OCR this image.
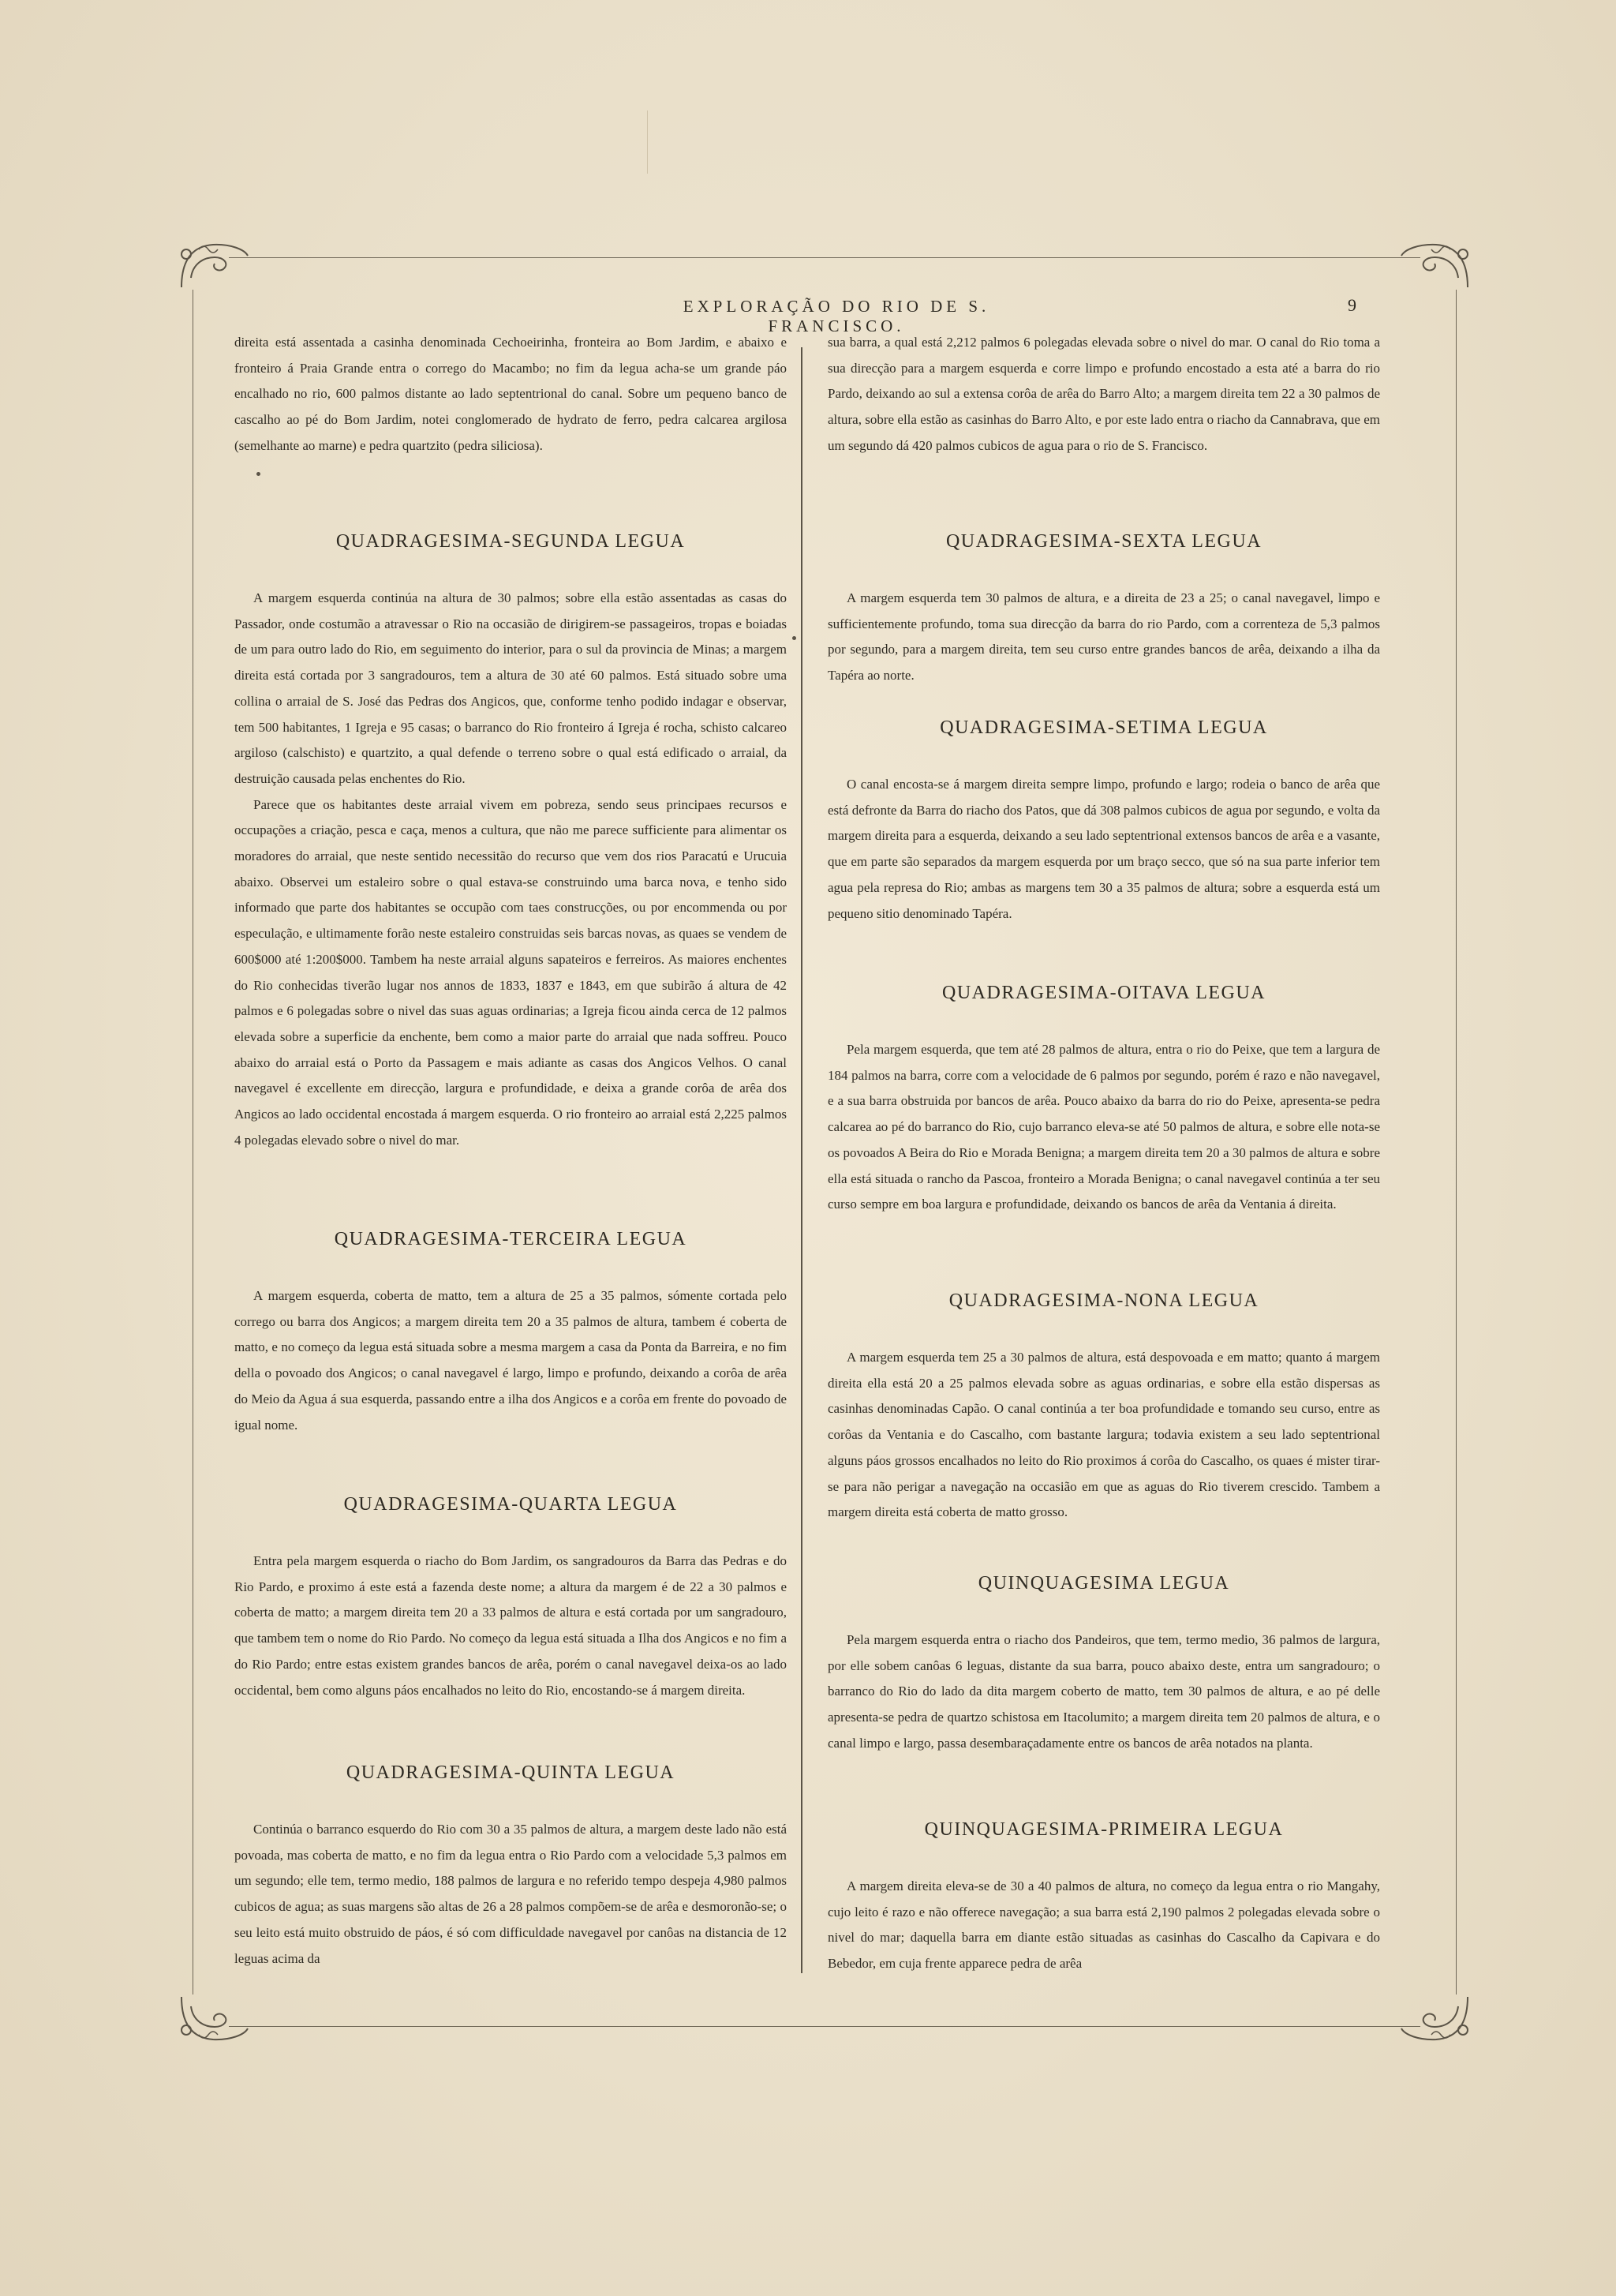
EXPLORAÇÃO DO RIO DE S. FRANCISCO.
9

direita está assentada a casinha denominada Cechoeirinha, fronteira ao Bom Jardim, e abaixo e fronteiro á Praia Grande entra o corrego do Macambo; no fim da legua acha-se um grande páo encalhado no rio, 600 palmos distante ao lado septentrional do canal. Sobre um pequeno banco de cascalho ao pé do Bom Jardim, notei conglomerado de hydrato de ferro, pedra calcarea argilosa (semelhante ao marne) e pedra quartzito (pedra siliciosa).

QUADRAGESIMA-SEGUNDA LEGUA

A margem esquerda continúa na altura de 30 palmos; sobre ella estão assentadas as casas do Passador, onde costumão a atravessar o Rio na occasião de dirigirem-se passageiros, tropas e boiadas de um para outro lado do Rio, em seguimento do interior, para o sul da provincia de Minas; a margem direita está cortada por 3 sangradouros, tem a altura de 30 até 60 palmos. Está situado sobre uma collina o arraial de S. José das Pedras dos Angicos, que, conforme tenho podido indagar e observar, tem 500 habitantes, 1 Igreja e 95 casas; o barranco do Rio fronteiro á Igreja é rocha, schisto calcareo argiloso (calschisto) e quartzito, a qual defende o terreno sobre o qual está edificado o arraial, da destruição causada pelas enchentes do Rio.

Parece que os habitantes deste arraial vivem em pobreza, sendo seus principaes recursos e occupações a criação, pesca e caça, menos a cultura, que não me parece sufficiente para alimentar os moradores do arraial, que neste sentido necessitão do recurso que vem dos rios Paracatú e Urucuia abaixo. Observei um estaleiro sobre o qual estava-se construindo uma barca nova, e tenho sido informado que parte dos habitantes se occupão com taes construcções, ou por encommenda ou por especulação, e ultimamente forão neste estaleiro construidas seis barcas novas, as quaes se vendem de 600$000 até 1:200$000. Tambem ha neste arraial alguns sapateiros e ferreiros. As maiores enchentes do Rio conhecidas tiverão lugar nos annos de 1833, 1837 e 1843, em que subirão á altura de 42 palmos e 6 polegadas sobre o nivel das suas aguas ordinarias; a Igreja ficou ainda cerca de 12 palmos elevada sobre a superficie da enchente, bem como a maior parte do arraial que nada soffreu. Pouco abaixo do arraial está o Porto da Passagem e mais adiante as casas dos Angicos Velhos. O canal navegavel é excellente em direcção, largura e profundidade, e deixa a grande corôa de arêa dos Angicos ao lado occidental encostada á margem esquerda. O rio fronteiro ao arraial está 2,225 palmos 4 polegadas elevado sobre o nivel do mar.

QUADRAGESIMA-TERCEIRA LEGUA

A margem esquerda, coberta de matto, tem a altura de 25 a 35 palmos, sómente cortada pelo corrego ou barra dos Angicos; a margem direita tem 20 a 35 palmos de altura, tambem é coberta de matto, e no começo da legua está situada sobre a mesma margem a casa da Ponta da Barreira, e no fim della o povoado dos Angicos; o canal navegavel é largo, limpo e profundo, deixando a corôa de arêa do Meio da Agua á sua esquerda, passando entre a ilha dos Angicos e a corôa em frente do povoado de igual nome.

QUADRAGESIMA-QUARTA LEGUA

Entra pela margem esquerda o riacho do Bom Jardim, os sangradouros da Barra das Pedras e do Rio Pardo, e proximo á este está a fazenda deste nome; a altura da margem é de 22 a 30 palmos e coberta de matto; a margem direita tem 20 a 33 palmos de altura e está cortada por um sangradouro, que tambem tem o nome do Rio Pardo. No começo da legua está situada a Ilha dos Angicos e no fim a do Rio Pardo; entre estas existem grandes bancos de arêa, porém o canal navegavel deixa-os ao lado occidental, bem como alguns páos encalhados no leito do Rio, encostando-se á margem direita.

QUADRAGESIMA-QUINTA LEGUA

Continúa o barranco esquerdo do Rio com 30 a 35 palmos de altura, a margem deste lado não está povoada, mas coberta de matto, e no fim da legua entra o Rio Pardo com a velocidade 5,3 palmos em um segundo; elle tem, termo medio, 188 palmos de largura e no referido tempo despeja 4,980 palmos cubicos de agua; as suas margens são altas de 26 a 28 palmos compõem-se de arêa e desmoronão-se; o seu leito está muito obstruido de páos, é só com difficuldade navegavel por canôas na distancia de 12 leguas acima da

sua barra, a qual está 2,212 palmos 6 polegadas elevada sobre o nivel do mar. O canal do Rio toma a sua direcção para a margem esquerda e corre limpo e profundo encostado a esta até a barra do rio Pardo, deixando ao sul a extensa corôa de arêa do Barro Alto; a margem direita tem 22 a 30 palmos de altura, sobre ella estão as casinhas do Barro Alto, e por este lado entra o riacho da Cannabrava, que em um segundo dá 420 palmos cubicos de agua para o rio de S. Francisco.

QUADRAGESIMA-SEXTA LEGUA

A margem esquerda tem 30 palmos de altura, e a direita de 23 a 25; o canal navegavel, limpo e sufficientemente profundo, toma sua direcção da barra do rio Pardo, com a correnteza de 5,3 palmos por segundo, para a margem direita, tem seu curso entre grandes bancos de arêa, deixando a ilha da Tapéra ao norte.

QUADRAGESIMA-SETIMA LEGUA

O canal encosta-se á margem direita sempre limpo, profundo e largo; rodeia o banco de arêa que está defronte da Barra do riacho dos Patos, que dá 308 palmos cubicos de agua por segundo, e volta da margem direita para a esquerda, deixando a seu lado septentrional extensos bancos de arêa e a vasante, que em parte são separados da margem esquerda por um braço secco, que só na sua parte inferior tem agua pela represa do Rio; ambas as margens tem 30 a 35 palmos de altura; sobre a esquerda está um pequeno sitio denominado Tapéra.

QUADRAGESIMA-OITAVA LEGUA

Pela margem esquerda, que tem até 28 palmos de altura, entra o rio do Peixe, que tem a largura de 184 palmos na barra, corre com a velocidade de 6 palmos por segundo, porém é razo e não navegavel, e a sua barra obstruida por bancos de arêa. Pouco abaixo da barra do rio do Peixe, apresenta-se pedra calcarea ao pé do barranco do Rio, cujo barranco eleva-se até 50 palmos de altura, e sobre elle nota-se os povoados A Beira do Rio e Morada Benigna; a margem direita tem 20 a 30 palmos de altura e sobre ella está situada o rancho da Pascoa, fronteiro a Morada Benigna; o canal navegavel continúa a ter seu curso sempre em boa largura e profundidade, deixando os bancos de arêa da Ventania á direita.

QUADRAGESIMA-NONA LEGUA

A margem esquerda tem 25 a 30 palmos de altura, está despovoada e em matto; quanto á margem direita ella está 20 a 25 palmos elevada sobre as aguas ordinarias, e sobre ella estão dispersas as casinhas denominadas Capão. O canal continúa a ter boa profundidade e tomando seu curso, entre as corôas da Ventania e do Cascalho, com bastante largura; todavia existem a seu lado septentrional alguns páos grossos encalhados no leito do Rio proximos á corôa do Cascalho, os quaes é mister tirar-se para não perigar a navegação na occasião em que as aguas do Rio tiverem crescido. Tambem a margem direita está coberta de matto grosso.

QUINQUAGESIMA LEGUA

Pela margem esquerda entra o riacho dos Pandeiros, que tem, termo medio, 36 palmos de largura, por elle sobem canôas 6 leguas, distante da sua barra, pouco abaixo deste, entra um sangradouro; o barranco do Rio do lado da dita margem coberto de matto, tem 30 palmos de altura, e ao pé delle apresenta-se pedra de quartzo schistosa em Itacolumito; a margem direita tem 20 palmos de altura, e o canal limpo e largo, passa desembaraçadamente entre os bancos de arêa notados na planta.

QUINQUAGESIMA-PRIMEIRA LEGUA

A margem direita eleva-se de 30 a 40 palmos de altura, no começo da legua entra o rio Mangahy, cujo leito é razo e não offerece navegação; a sua barra está 2,190 palmos 2 polegadas elevada sobre o nivel do mar; daquella barra em diante estão situadas as casinhas do Cascalho da Capivara e do Bebedor, em cuja frente apparece pedra de arêa
